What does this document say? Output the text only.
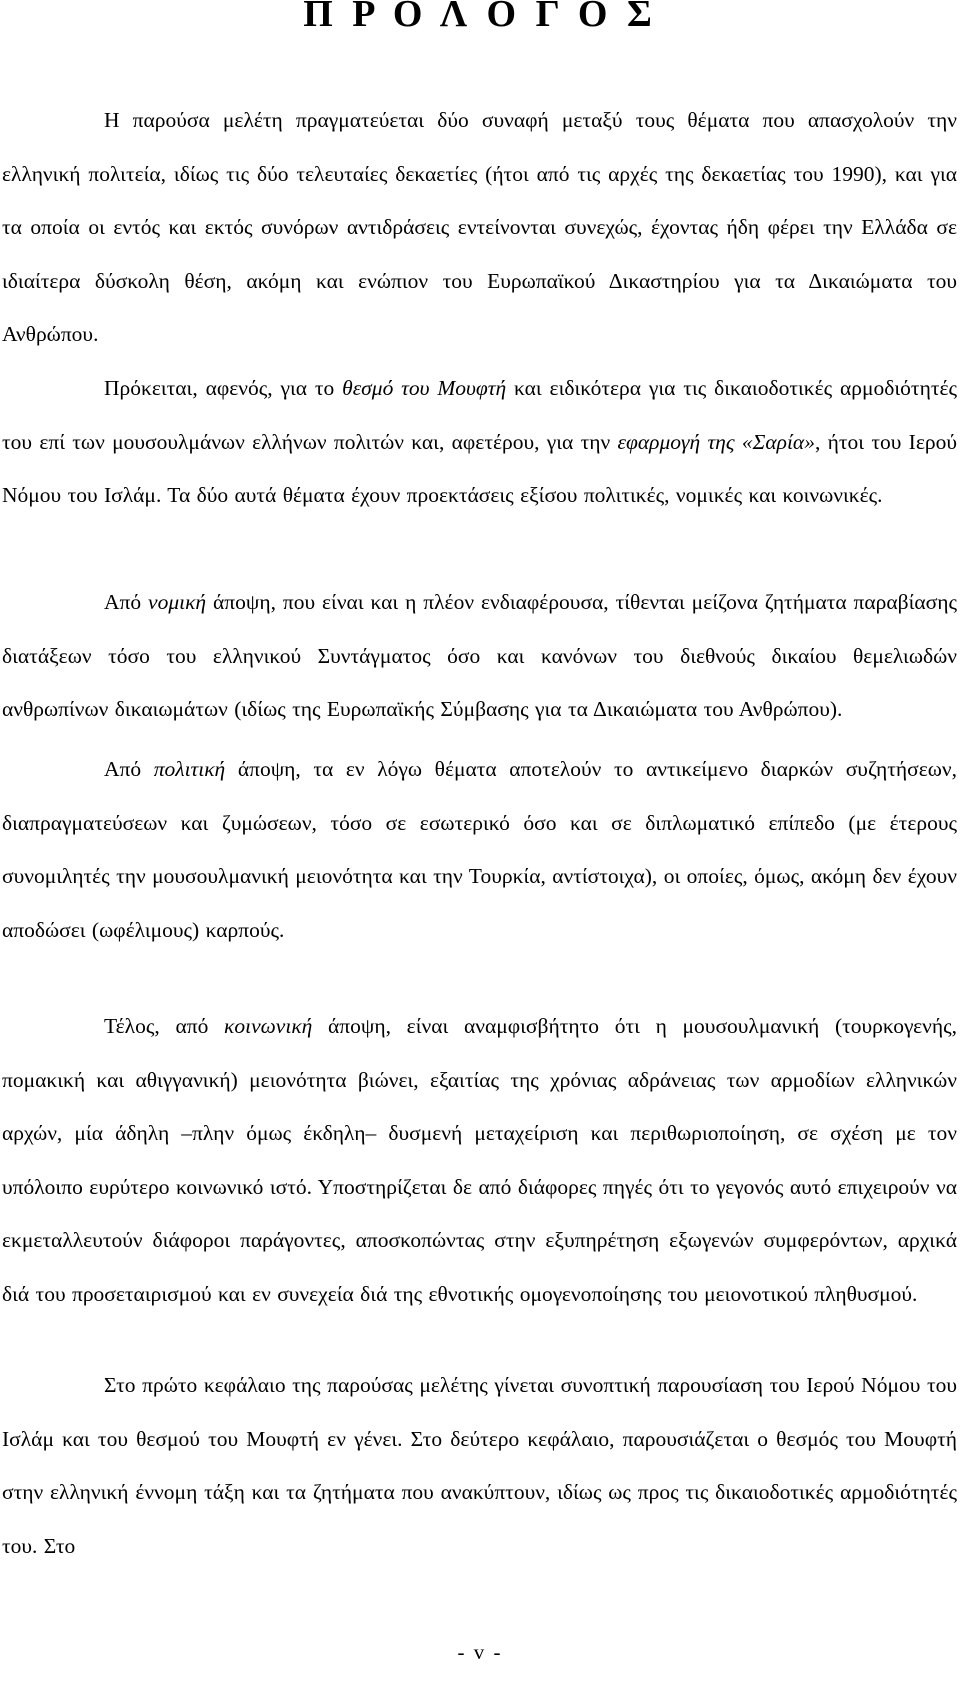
Π Ρ Ο Λ Ο Γ Ο Σ

Η παρούσα μελέτη πραγματεύεται δύο συναφή μεταξύ τους θέματα που απασχολούν την ελληνική πολιτεία, ιδίως τις δύο τελευταίες δεκαετίες (ήτοι από τις αρχές της δεκαετίας του 1990), και για τα οποία οι εντός και εκτός συνόρων αντιδράσεις εντείνονται συνεχώς, έχοντας ήδη φέρει την Ελλάδα σε ιδιαίτερα δύσκολη θέση, ακόμη και ενώπιον του Ευρωπαϊκού Δικαστηρίου για τα Δικαιώματα του Ανθρώπου.

Πρόκειται, αφενός, για το θεσμό του Μουφτή και ειδικότερα για τις δικαιοδοτικές αρμοδιότητές του επί των μουσουλμάνων ελλήνων πολιτών και, αφετέρου, για την εφαρμογή της «Σαρία», ήτοι του Ιερού Νόμου του Ισλάμ. Τα δύο αυτά θέματα έχουν προεκτάσεις εξίσου πολιτικές, νομικές και κοινωνικές.

Από νομική άποψη, που είναι και η πλέον ενδιαφέρουσα, τίθενται μείζονα ζητήματα παραβίασης διατάξεων τόσο του ελληνικού Συντάγματος όσο και κανόνων του διεθνούς δικαίου θεμελιωδών ανθρωπίνων δικαιωμάτων (ιδίως της Ευρωπαϊκής Σύμβασης για τα Δικαιώματα του Ανθρώπου).

Από πολιτική άποψη, τα εν λόγω θέματα αποτελούν το αντικείμενο διαρκών συζητήσεων, διαπραγματεύσεων και ζυμώσεων, τόσο σε εσωτερικό όσο και σε διπλωματικό επίπεδο (με έτερους συνομιλητές την μουσουλμανική μειονότητα και την Τουρκία, αντίστοιχα), οι οποίες, όμως, ακόμη δεν έχουν αποδώσει (ωφέλιμους) καρπούς.

Τέλος, από κοινωνική άποψη, είναι αναμφισβήτητο ότι η μουσουλμανική (τουρκογενής, πομακική και αθιγγανική) μειονότητα βιώνει, εξαιτίας της χρόνιας αδράνειας των αρμοδίων ελληνικών αρχών, μία άδηλη –πλην όμως έκδηλη– δυσμενή μεταχείριση και περιθωριοποίηση, σε σχέση με τον υπόλοιπο ευρύτερο κοινωνικό ιστό. Υποστηρίζεται δε από διάφορες πηγές ότι το γεγονός αυτό επιχειρούν να εκμεταλλευτούν διάφοροι παράγοντες, αποσκοπώντας στην εξυπηρέτηση εξωγενών συμφερόντων, αρχικά διά του προσεταιρισμού και εν συνεχεία διά της εθνοτικής ομογενοποίησης του μειονοτικού πληθυσμού.

Στο πρώτο κεφάλαιο της παρούσας μελέτης γίνεται συνοπτική παρουσίαση του Ιερού Νόμου του Ισλάμ και του θεσμού του Μουφτή εν γένει. Στο δεύτερο κεφάλαιο, παρουσιάζεται ο θεσμός του Μουφτή στην ελληνική έννομη τάξη και τα ζητήματα που ανακύπτουν, ιδίως ως προς τις δικαιοδοτικές αρμοδιότητές του. Στο

- v -
